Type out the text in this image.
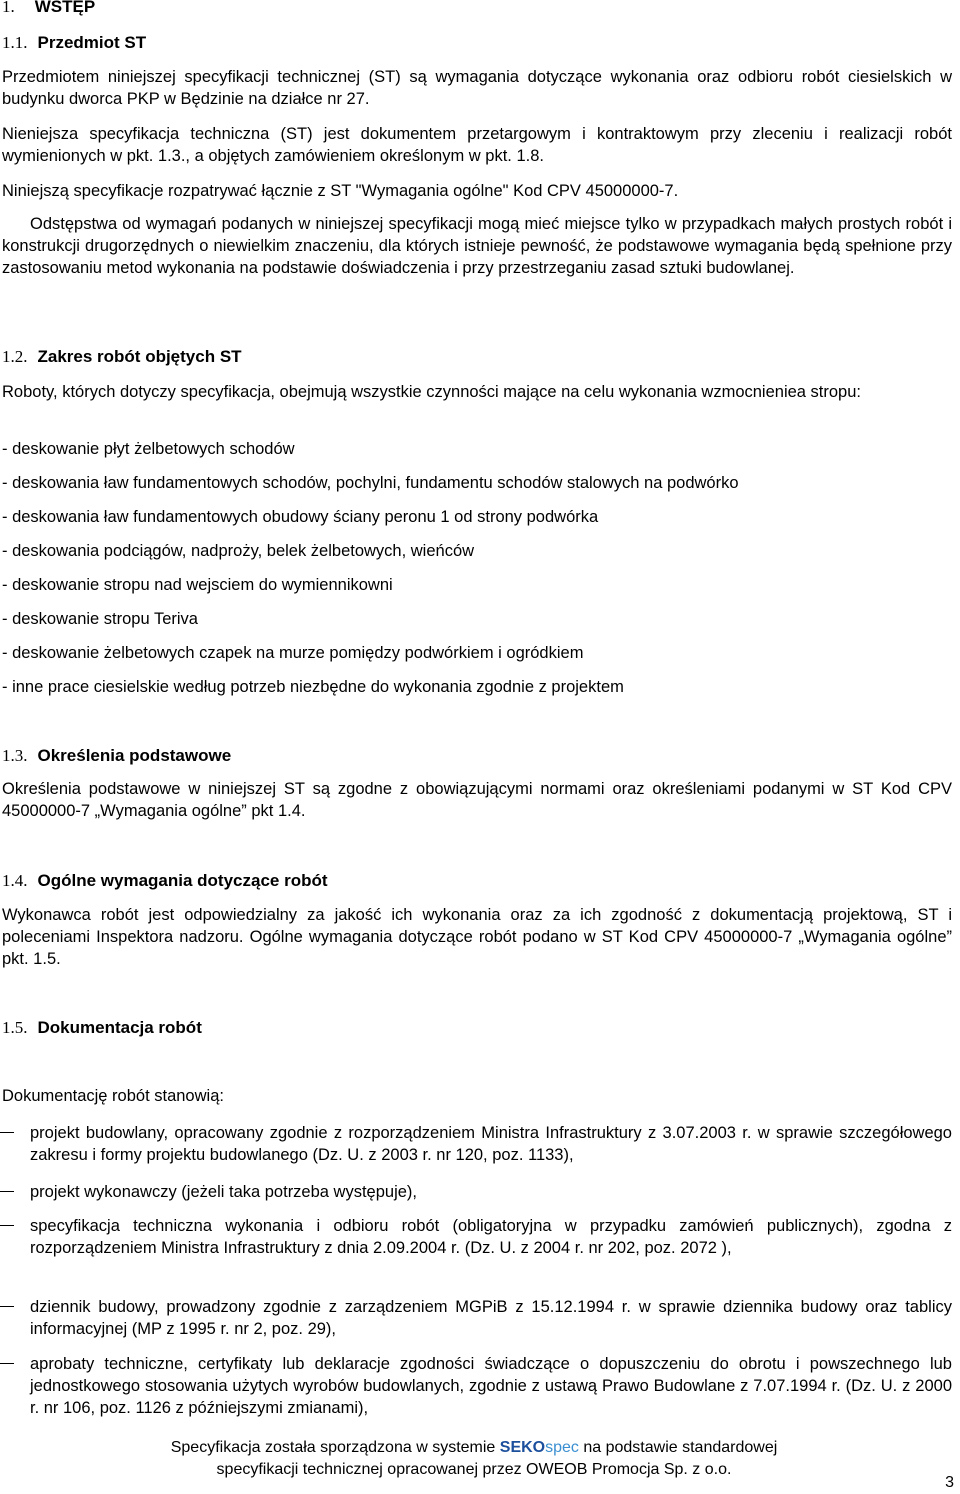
1. WSTĘP
1.1. Przedmiot ST

Przedmiotem niniejszej specyfikacji technicznej (ST) są wymagania dotyczące wykonania oraz odbioru robót ciesielskich w budynku dworca PKP w Będzinie na działce nr 27.

Nieniejsza specyfikacja techniczna (ST) jest dokumentem przetargowym i kontraktowym przy zleceniu i realizacji robót wymienionych w pkt. 1.3., a objętych zamówieniem określonym w pkt. 1.8.

Niniejszą specyfikacje rozpatrywać łącznie z ST "Wymagania ogólne" Kod CPV 45000000-7.

Odstępstwa od wymagań podanych w niniejszej specyfikacji mogą mieć miejsce tylko w przypadkach małych prostych robót i konstrukcji drugorzędnych o niewielkim znaczeniu, dla których istnieje pewność, że podstawowe wymagania będą spełnione przy zastosowaniu metod wykonania na podstawie doświadczenia i przy przestrzeganiu zasad sztuki budowlanej.

1.2. Zakres robót objętych ST

Roboty, których dotyczy specyfikacja, obejmują wszystkie czynności mające na celu wykonania wzmocnieniea stropu:

- deskowanie płyt żelbetowych schodów
- deskowania ław fundamentowych schodów, pochylni, fundamentu schodów stalowych na podwórko
- deskowania ław fundamentowych obudowy ściany peronu 1 od strony podwórka
- deskowania podciągów, nadproży, belek żelbetowych, wieńców
- deskowanie stropu nad wejsciem do wymiennikowni
- deskowanie stropu Teriva
- deskowanie żelbetowych czapek na murze pomiędzy podwórkiem i ogródkiem
- inne prace ciesielskie według potrzeb niezbędne do wykonania zgodnie z projektem
1.3. Określenia podstawowe

Określenia podstawowe w niniejszej ST są zgodne z obowiązującymi normami oraz określeniami podanymi w ST Kod CPV 45000000-7 „Wymagania ogólne” pkt 1.4.

1.4. Ogólne wymagania dotyczące robót

Wykonawca robót jest odpowiedzialny za jakość ich wykonania oraz za ich zgodność z dokumentacją projektową, ST i poleceniami Inspektora nadzoru. Ogólne wymagania dotyczące robót podano w ST Kod CPV 45000000-7 „Wymagania ogólne” pkt. 1.5.

1.5. Dokumentacja robót

Dokumentację robót stanowią:

projekt budowlany, opracowany zgodnie z rozporządzeniem Ministra Infrastruktury z 3.07.2003 r. w sprawie szczegółowego zakresu i formy projektu budowlanego (Dz. U. z 2003 r. nr 120, poz. 1133),
projekt wykonawczy (jeżeli taka potrzeba występuje),
specyfikacja techniczna wykonania i odbioru robót (obligatoryjna w przypadku zamówień publicznych), zgodna z rozporządzeniem Ministra Infrastruktury z dnia 2.09.2004 r. (Dz. U. z 2004 r. nr 202, poz. 2072 ),
dziennik budowy, prowadzony zgodnie z zarządzeniem MGPiB z 15.12.1994 r. w sprawie dziennika budowy oraz tablicy informacyjnej (MP z 1995 r. nr 2, poz. 29),
aprobaty techniczne, certyfikaty lub deklaracje zgodności świadczące o dopuszczeniu do obrotu i powszechnego lub jednostkowego stosowania użytych wyrobów budowlanych, zgodnie z ustawą Prawo Budowlane z 7.07.1994 r. (Dz. U. z 2000 r. nr 106, poz. 1126 z późniejszymi zmianami),
Specyfikacja została sporządzona w systemie SEKOspec na podstawie standardowej
specyfikacji technicznej opracowanej przez OWEOB Promocja Sp. z o.o.
3
